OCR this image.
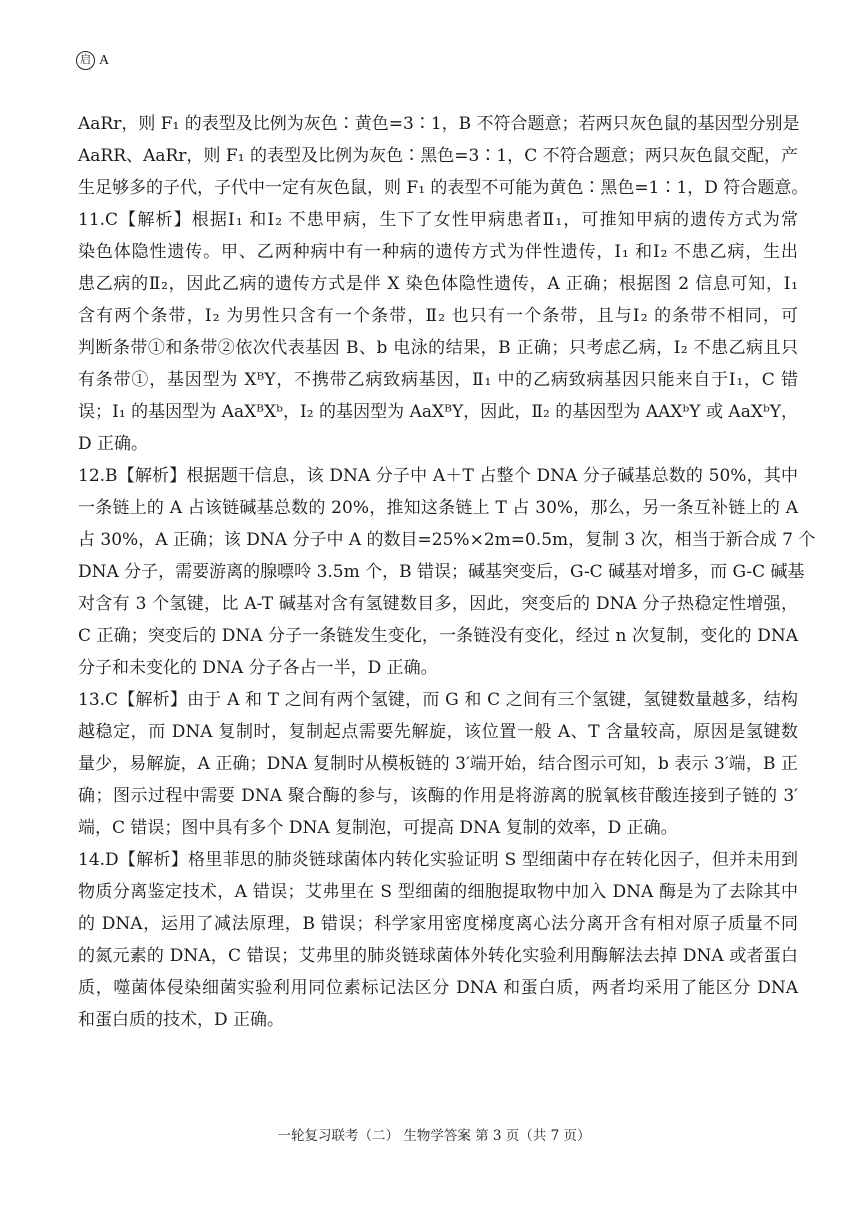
启 A
AaRr，则 F₁ 的表型及比例为灰色∶黄色=3∶1，B 不符合题意；若两只灰色鼠的基因型分别是
AaRR、AaRr，则 F₁ 的表型及比例为灰色∶黑色=3∶1，C 不符合题意；两只灰色鼠交配，产
生足够多的子代，子代中一定有灰色鼠，则 F₁ 的表型不可能为黄色∶黑色=1∶1，D 符合题意。
11.C【解析】根据Ⅰ₁ 和Ⅰ₂ 不患甲病，生下了女性甲病患者Ⅱ₁，可推知甲病的遗传方式为常
染色体隐性遗传。甲、乙两种病中有一种病的遗传方式为伴性遗传，Ⅰ₁ 和Ⅰ₂ 不患乙病，生出
患乙病的Ⅱ₂，因此乙病的遗传方式是伴 X 染色体隐性遗传，A 正确；根据图 2 信息可知，Ⅰ₁
含有两个条带，Ⅰ₂ 为男性只含有一个条带，Ⅱ₂ 也只有一个条带，且与Ⅰ₂ 的条带不相同，可
判断条带①和条带②依次代表基因 B、b 电泳的结果，B 正确；只考虑乙病，Ⅰ₂ 不患乙病且只
有条带①，基因型为 XᴮY，不携带乙病致病基因，Ⅱ₁ 中的乙病致病基因只能来自于Ⅰ₁，C 错
误；Ⅰ₁ 的基因型为 AaXᴮXᵇ，Ⅰ₂ 的基因型为 AaXᴮY，因此，Ⅱ₂ 的基因型为 AAXᵇY 或 AaXᵇY，
D 正确。
12.B【解析】根据题干信息，该 DNA 分子中 A＋T 占整个 DNA 分子碱基总数的 50%，其中
一条链上的 A 占该链碱基总数的 20%，推知这条链上 T 占 30%，那么，另一条互补链上的 A
占 30%，A 正确；该 DNA 分子中 A 的数目=25%×2m=0.5m，复制 3 次，相当于新合成 7 个
DNA 分子，需要游离的腺嘌呤 3.5m 个，B 错误；碱基突变后，G-C 碱基对增多，而 G-C 碱基
对含有 3 个氢键，比 A-T 碱基对含有氢键数目多，因此，突变后的 DNA 分子热稳定性增强，
C 正确；突变后的 DNA 分子一条链发生变化，一条链没有变化，经过 n 次复制，变化的 DNA
分子和未变化的 DNA 分子各占一半，D 正确。
13.C【解析】由于 A 和 T 之间有两个氢键，而 G 和 C 之间有三个氢键，氢键数量越多，结构
越稳定，而 DNA 复制时，复制起点需要先解旋，该位置一般 A、T 含量较高，原因是氢键数
量少，易解旋，A 正确；DNA 复制时从模板链的 3′端开始，结合图示可知，b 表示 3′端，B 正
确；图示过程中需要 DNA 聚合酶的参与，该酶的作用是将游离的脱氧核苷酸连接到子链的 3′
端，C 错误；图中具有多个 DNA 复制泡，可提高 DNA 复制的效率，D 正确。
14.D【解析】格里菲思的肺炎链球菌体内转化实验证明 S 型细菌中存在转化因子，但并未用到
物质分离鉴定技术，A 错误；艾弗里在 S 型细菌的细胞提取物中加入 DNA 酶是为了去除其中
的 DNA，运用了减法原理，B 错误；科学家用密度梯度离心法分离开含有相对原子质量不同
的氮元素的 DNA，C 错误；艾弗里的肺炎链球菌体外转化实验利用酶解法去掉 DNA 或者蛋白
质，噬菌体侵染细菌实验利用同位素标记法区分 DNA 和蛋白质，两者均采用了能区分 DNA
和蛋白质的技术，D 正确。
一轮复习联考（二） 生物学答案 第 3 页（共 7 页）
